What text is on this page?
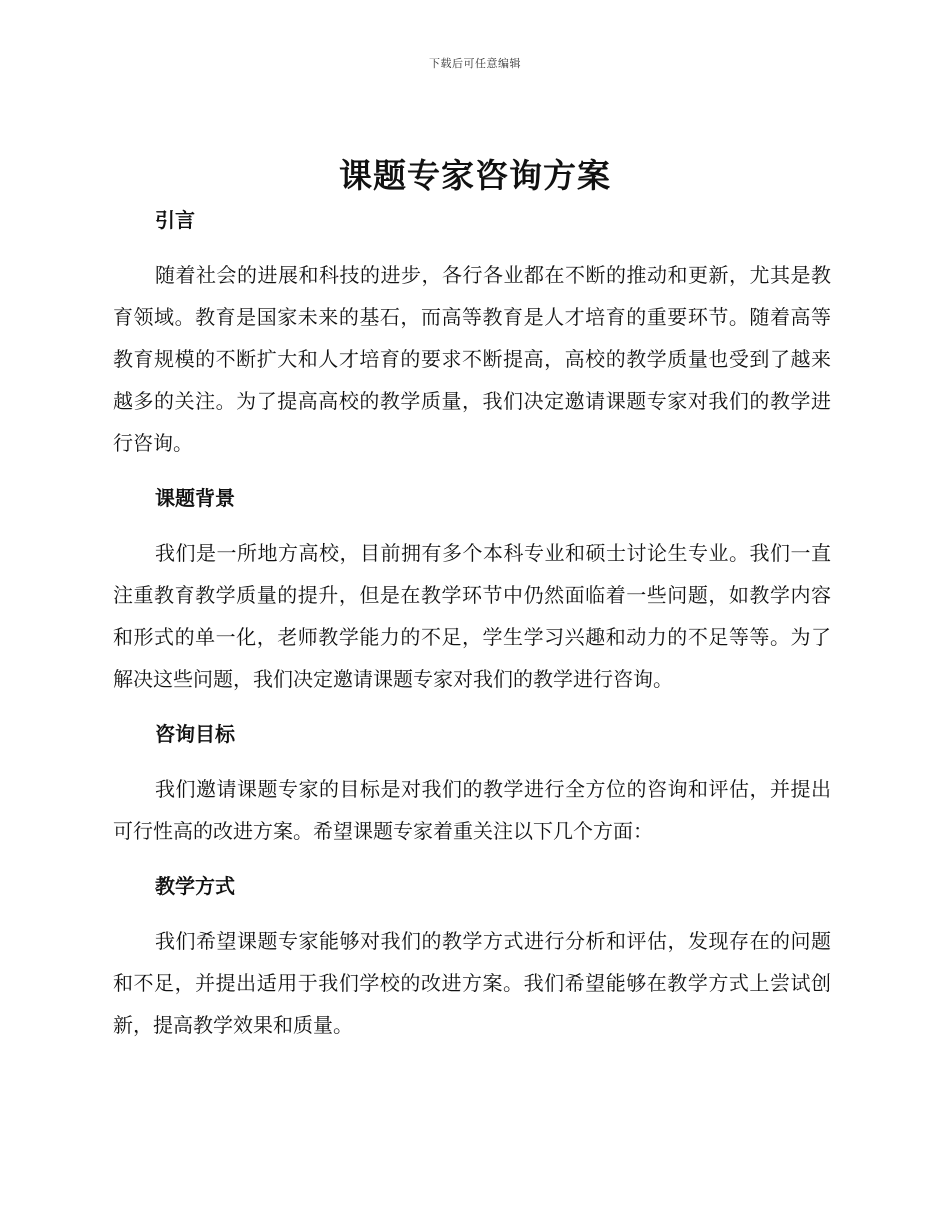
下载后可任意编辑
课题专家咨询方案
引言

随着社会的进展和科技的进步，各行各业都在不断的推动和更新，尤其是教育领域。教育是国家未来的基石，而高等教育是人才培育的重要环节。随着高等教育规模的不断扩大和人才培育的要求不断提高，高校的教学质量也受到了越来越多的关注。为了提高高校的教学质量，我们决定邀请课题专家对我们的教学进行咨询。

课题背景

我们是一所地方高校，目前拥有多个本科专业和硕士讨论生专业。我们一直注重教育教学质量的提升，但是在教学环节中仍然面临着一些问题，如教学内容和形式的单一化，老师教学能力的不足，学生学习兴趣和动力的不足等等。为了解决这些问题，我们决定邀请课题专家对我们的教学进行咨询。

咨询目标

我们邀请课题专家的目标是对我们的教学进行全方位的咨询和评估，并提出可行性高的改进方案。希望课题专家着重关注以下几个方面：

教学方式

我们希望课题专家能够对我们的教学方式进行分析和评估，发现存在的问题和不足，并提出适用于我们学校的改进方案。我们希望能够在教学方式上尝试创新，提高教学效果和质量。
